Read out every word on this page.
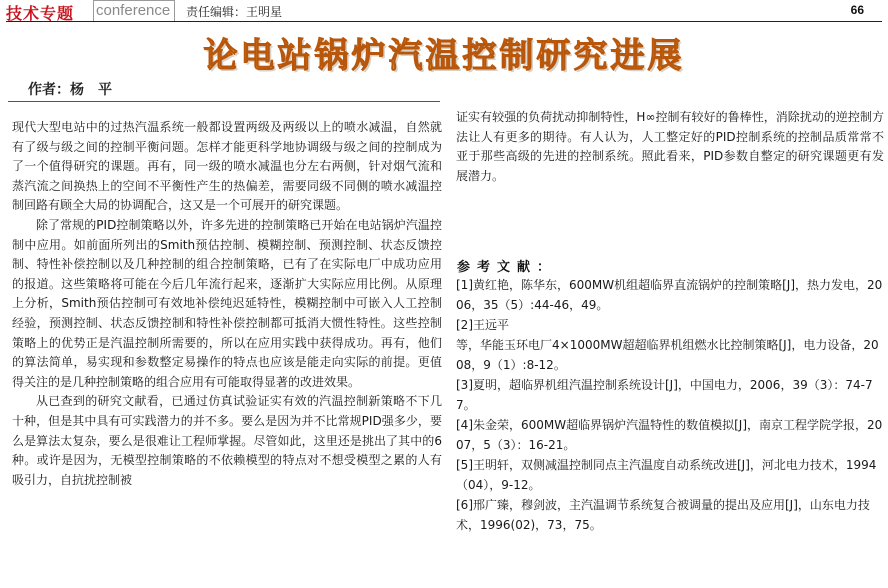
技术专题 conference	责任编辑：王明星	66
论电站锅炉汽温控制研究进展
作者：杨　平

现代大型电站中的过热汽温系统一般都设置两级及两级以上的喷水减温，自然就有了级与级之间的控制平衡问题。怎样才能更科学地协调级与级之间的控制成为了一个值得研究的课题。再有，同一级的喷水减温也分左右两侧，针对烟气流和蒸汽流之间换热上的空间不平衡性产生的热偏差，需要同级不同侧的喷水减温控制回路有顾全大局的协调配合，这又是一个可展开的研究课题。

除了常规的PID控制策略以外，许多先进的控制策略已开始在电站锅炉汽温控制中应用。如前面所列出的Smith预估控制、模糊控制、预测控制、状态反馈控制、特性补偿控制以及几种控制的组合控制策略，已有了在实际电厂中成功应用的报道。这些策略将可能在今后几年流行起来，逐渐扩大实际应用比例。从原理上分析，Smith预估控制可有效地补偿纯迟延特性，模糊控制中可嵌入人工控制经验，预测控制、状态反馈控制和特性补偿控制都可抵消大惯性特性。这些控制策略上的优势正是汽温控制所需要的，所以在应用实践中获得成功。再有，他们的算法简单，易实现和参数整定易操作的特点也应该是能走向实际的前提。更值得关注的是几种控制策略的组合应用有可能取得显著的改进效果。

从已查到的研究文献看，已通过仿真试验证实有效的汽温控制新策略不下几十种，但是其中具有可实践潜力的并不多。要么是因为并不比常规PID强多少，要么是算法太复杂，要么是很难让工程师掌握。尽管如此，这里还是挑出了其中的6种。或许是因为，无模型控制策略的不依赖模型的特点对不想受模型之累的人有吸引力，自抗扰控制被

证实有较强的负荷扰动抑制特性，H∞控制有较好的鲁棒性，消除扰动的逆控制方法让人有更多的期待。有人认为，人工整定好的PID控制系统的控制品质常常不亚于那些高级的先进的控制系统。照此看来，PID参数自整定的研究课题更有发展潜力。

参考文献：

[1]黄红艳，陈华东，600MW机组超临界直流锅炉的控制策略[J]，热力发电，2006，35（5）:44-46，49。

[2]王远平

等，华能玉环电厂4×1000MW超超临界机组燃水比控制策略[J]，电力设备，2008，9（1）:8-12。

[3]夏明，超临界机组汽温控制系统设计[J]，中国电力，2006，39（3）：74-77。

[4]朱金荣，600MW超临界锅炉汽温特性的数值模拟[J]，南京工程学院学报，2007，5（3）：16-21。

[5]王明轩，双侧减温控制同点主汽温度自动系统改进[J]，河北电力技术，1994（04），9-12。

[6]邢广臻，穆剑波，主汽温调节系统复合被调量的提出及应用[J]，山东电力技术，1996(02)，73，75。
